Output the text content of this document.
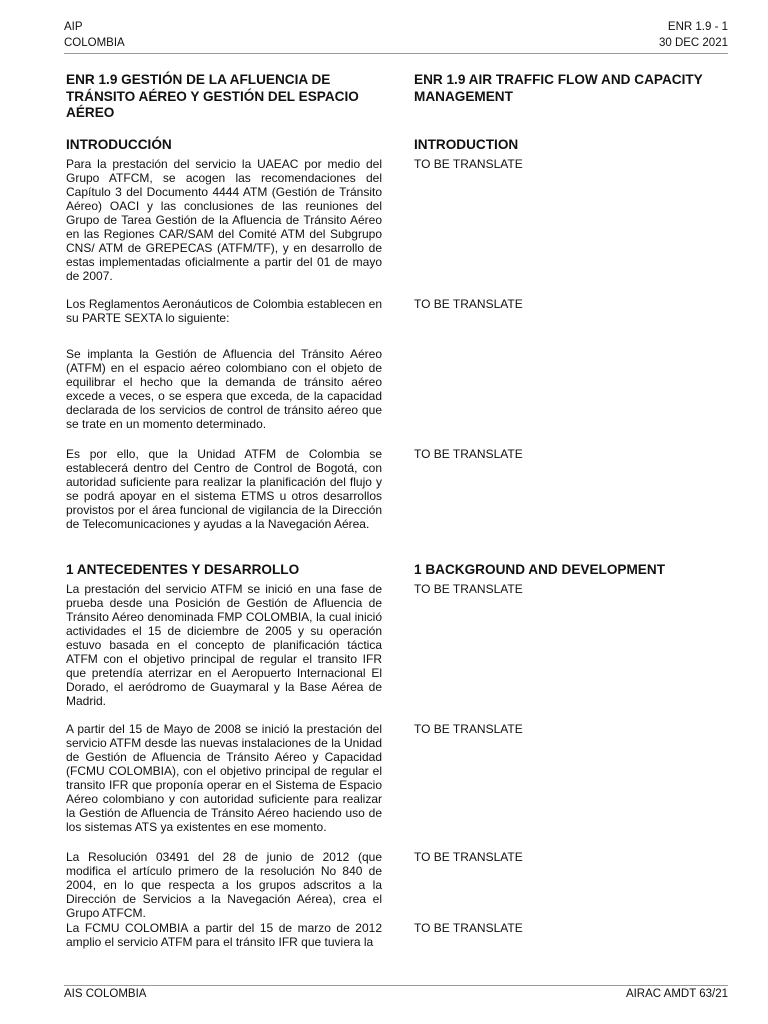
AIP
COLOMBIA
ENR 1.9 - 1
30 DEC 2021
ENR 1.9 GESTIÓN DE LA AFLUENCIA DE TRÁNSITO AÉREO Y GESTIÓN DEL ESPACIO AÉREO
INTRODUCCIÓN
Para la prestación del servicio la UAEAC por medio del Grupo ATFCM, se acogen las recomendaciones del Capítulo 3 del Documento 4444 ATM (Gestión de Tránsito Aéreo) OACI y las conclusiones de las reuniones del Grupo de Tarea Gestión de la Afluencia de Tránsito Aéreo en las Regiones CAR/SAM del Comité ATM del Subgrupo CNS/ ATM de GREPECAS (ATFM/TF), y en desarrollo de estas implementadas oficialmente a partir del 01 de mayo de 2007.
Los Reglamentos Aeronáuticos de Colombia establecen en su PARTE SEXTA lo siguiente:
Se implanta la Gestión de Afluencia del Tránsito Aéreo (ATFM) en el espacio aéreo colombiano con el objeto de equilibrar el hecho que la demanda de tránsito aéreo excede a veces, o se espera que exceda, de la capacidad declarada de los servicios de control de tránsito aéreo que se trate en un momento determinado.
Es por ello, que la Unidad ATFM de Colombia se establecerá dentro del Centro de Control de Bogotá, con autoridad suficiente para realizar la planificación del flujo y se podrá apoyar en el sistema ETMS u otros desarrollos provistos por el área funcional de vigilancia de la Dirección de Telecomunicaciones y ayudas a la Navegación Aérea.
1 ANTECEDENTES Y DESARROLLO
La prestación del servicio ATFM se inició en una fase de prueba desde una Posición de Gestión de Afluencia de Tránsito Aéreo denominada FMP COLOMBIA, la cual inició actividades el 15 de diciembre de 2005 y su operación estuvo basada en el concepto de planificación táctica ATFM con el objetivo principal de regular el transito IFR que pretendía aterrizar en el Aeropuerto Internacional El Dorado, el aeródromo de Guaymaral y la Base Aérea de Madrid.
A partir del 15 de Mayo de 2008 se inició la prestación del servicio ATFM desde las nuevas instalaciones de la Unidad de Gestión de Afluencia de Tránsito Aéreo y Capacidad (FCMU COLOMBIA), con el objetivo principal de regular el transito IFR que proponía operar en el Sistema de Espacio Aéreo colombiano y con autoridad suficiente para realizar la Gestión de Afluencia de Tránsito Aéreo haciendo uso de los sistemas ATS ya existentes en ese momento.
La Resolución 03491 del 28 de junio de 2012 (que modifica el artículo primero de la resolución No 840 de 2004, en lo que respecta a los grupos adscritos a la Dirección de Servicios a la Navegación Aérea), crea el Grupo ATFCM.
La FCMU COLOMBIA a partir del 15 de marzo de 2012 amplio el servicio ATFM para el tránsito IFR que tuviera la
ENR 1.9 AIR TRAFFIC FLOW AND CAPACITY MANAGEMENT
INTRODUCTION
TO BE TRANSLATE
TO BE TRANSLATE
TO BE TRANSLATE
1 BACKGROUND AND DEVELOPMENT
TO BE TRANSLATE
TO BE TRANSLATE
TO BE TRANSLATE
TO BE TRANSLATE
AIS COLOMBIA	AIRAC AMDT 63/21
